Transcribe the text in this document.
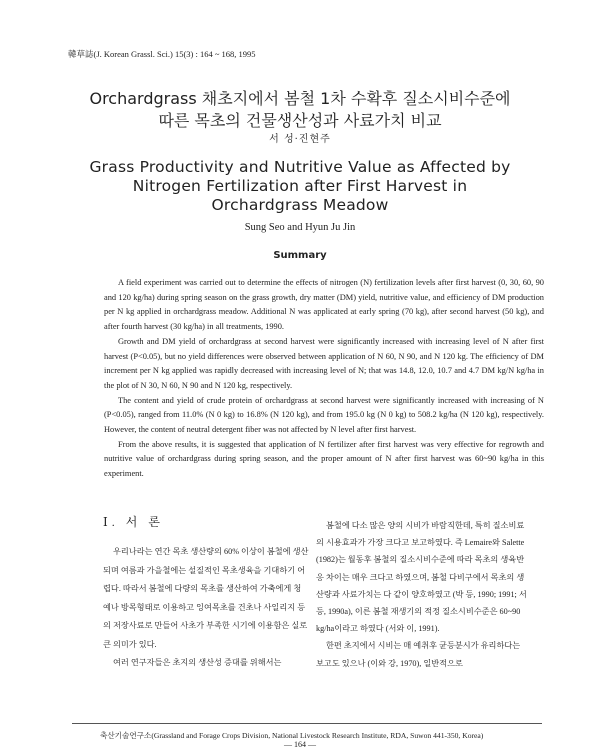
韓草誌(J. Korean Grassl. Sci.) 15(3) : 164 ~ 168, 1995
Orchardgrass 채초지에서 봄철 1차 수확후 질소시비수준에
따른 목초의 건물생산성과 사료가치 비교
서 성·진현주
Grass Productivity and Nutritive Value as Affected by
Nitrogen Fertilization after First Harvest in
Orchardgrass Meadow
Sung Seo and Hyun Ju Jin
Summary

A field experiment was carried out to determine the effects of nitrogen (N) fertilization levels after first harvest (0, 30, 60, 90 and 120 kg/ha) during spring season on the grass growth, dry matter (DM) yield, nutritive value, and efficiency of DM production per N kg applied in orchardgrass meadow. Additional N was applicated at early spring (70 kg), after second harvest (50 kg), and after fourth harvest (30 kg/ha) in all treatments, 1990.

Growth and DM yield of orchardgrass at second harvest were significantly increased with increasing level of N after first harvest (P<0.05), but no yield differences were observed between application of N 60, N 90, and N 120 kg. The efficiency of DM increment per N kg applied was rapidly decreased with increasing level of N; that was 14.8, 12.0, 10.7 and 4.7 DM kg/N kg/ha in the plot of N 30, N 60, N 90 and N 120 kg, respectively.

The content and yield of crude protein of orchardgrass at second harvest were significantly increased with increasing of N (P<0.05), ranged from 11.0% (N 0 kg) to 16.8% (N 120 kg), and from 195.0 kg (N 0 kg) to 508.2 kg/ha (N 120 kg), respectively. However, the content of neutral detergent fiber was not affected by N level after first harvest.

From the above results, it is suggested that application of N fertilizer after first harvest was very effective for regrowth and nutritive value of orchardgrass during spring season, and the proper amount of N after first harvest was 60~90 kg/ha in this experiment.

Ⅰ. 서 론

우리나라는 연간 목초 생산량의 60% 이상이 봄철에 생산되며 여름과 가을철에는 설질적인 목초생육을 기대하기 어렵다. 따라서 봄철에 다량의 목초를 생산하여 가축에게 청예나 방목형태로 이용하고 잉여목초를 건초나 사일리지 등의 저장사료로 만들어 사초가 부족한 시기에 이용함은 실로 큰 의미가 있다.

여러 연구자들은 초지의 생산성 증대를 위해서는

봄철에 다소 많은 양의 시비가 바람직한데, 특히 질소비료의 시용효과가 가장 크다고 보고하였다. 즉 Lemaire와 Salette (1982)는 월동후 봄철의 질소시비수준에 따라 목초의 생육반응 차이는 매우 크다고 하였으며, 봄철 다비구에서 목초의 생산량과 사료가치는 다 같이 양호하였고 (박 등, 1990; 1991; 서 등, 1990a), 이른 봄철 재생기의 적정 질소시비수준은 60~90 kg/ha이라고 하였다 (서와 이, 1991).

한편 초지에서 시비는 매 예취후 균등분시가 유리하다는 보고도 있으나 (이와 강, 1970), 일반적으로

축산기술연구소(Grassland and Forage Crops Division, National Livestock Research Institute, RDA, Suwon 441-350, Korea)
— 164 —
